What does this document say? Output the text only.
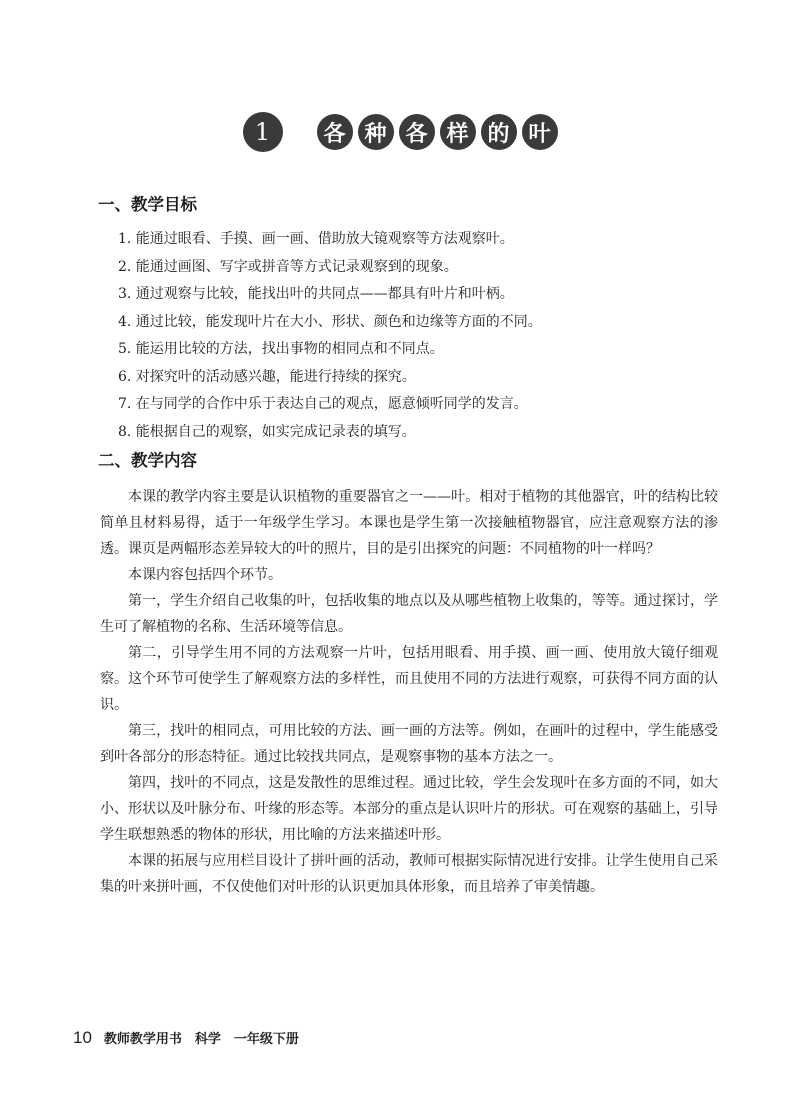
1	各 种 各 样 的 叶
一、教学目标
1. 能通过眼看、手摸、画一画、借助放大镜观察等方法观察叶。
2. 能通过画图、写字或拼音等方式记录观察到的现象。
3. 通过观察与比较，能找出叶的共同点——都具有叶片和叶柄。
4. 通过比较，能发现叶片在大小、形状、颜色和边缘等方面的不同。
5. 能运用比较的方法，找出事物的相同点和不同点。
6. 对探究叶的活动感兴趣，能进行持续的探究。
7. 在与同学的合作中乐于表达自己的观点，愿意倾听同学的发言。
8. 能根据自己的观察，如实完成记录表的填写。
二、教学内容

本课的教学内容主要是认识植物的重要器官之一——叶。相对于植物的其他器官，叶的结构比较简单且材料易得，适于一年级学生学习。本课也是学生第一次接触植物器官，应注意观察方法的渗透。课页是两幅形态差异较大的叶的照片，目的是引出探究的问题：不同植物的叶一样吗？

本课内容包括四个环节。

第一，学生介绍自己收集的叶，包括收集的地点以及从哪些植物上收集的，等等。通过探讨，学生可了解植物的名称、生活环境等信息。

第二，引导学生用不同的方法观察一片叶，包括用眼看、用手摸、画一画、使用放大镜仔细观察。这个环节可使学生了解观察方法的多样性，而且使用不同的方法进行观察，可获得不同方面的认识。

第三，找叶的相同点，可用比较的方法、画一画的方法等。例如，在画叶的过程中，学生能感受到叶各部分的形态特征。通过比较找共同点，是观察事物的基本方法之一。

第四，找叶的不同点，这是发散性的思维过程。通过比较，学生会发现叶在多方面的不同，如大小、形状以及叶脉分布、叶缘的形态等。本部分的重点是认识叶片的形状。可在观察的基础上，引导学生联想熟悉的物体的形状，用比喻的方法来描述叶形。

本课的拓展与应用栏目设计了拼叶画的活动，教师可根据实际情况进行安排。让学生使用自己采集的叶来拼叶画，不仅使他们对叶形的认识更加具体形象，而且培养了审美情趣。

10 教师教学用书　科学　一年级下册
